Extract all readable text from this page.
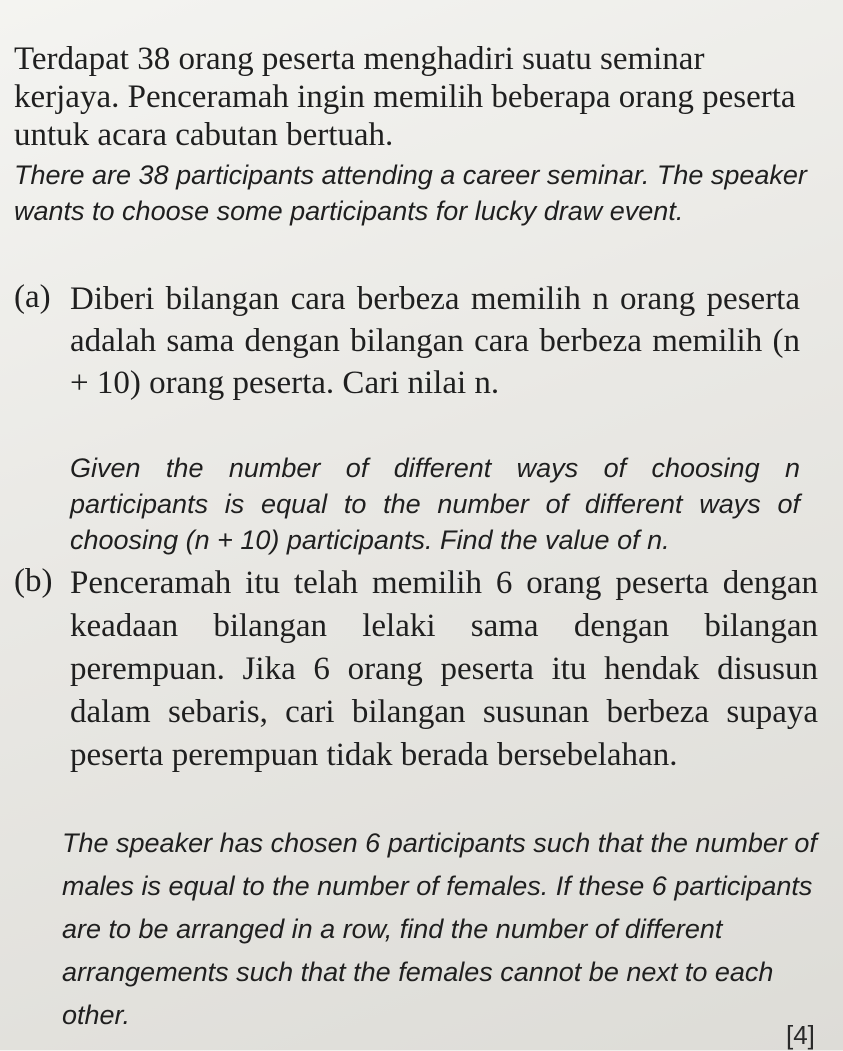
Terdapat 38 orang peserta menghadiri suatu seminar kerjaya. Penceramah ingin memilih beberapa orang peserta untuk acara cabutan bertuah.

There are 38 participants attending a career seminar. The speaker wants to choose some participants for lucky draw event.

(a) Diberi bilangan cara berbeza memilih n orang peserta adalah sama dengan bilangan cara berbeza memilih (n + 10) orang peserta. Cari nilai n.

Given the number of different ways of choosing n participants is equal to the number of different ways of choosing (n + 10) participants. Find the value of n.

(b) Penceramah itu telah memilih 6 orang peserta dengan keadaan bilangan lelaki sama dengan bilangan perempuan. Jika 6 orang peserta itu hendak disusun dalam sebaris, cari bilangan susunan berbeza supaya peserta perempuan tidak berada bersebelahan.

The speaker has chosen 6 participants such that the number of males is equal to the number of females. If these 6 participants are to be arranged in a row, find the number of different arrangements such that the females cannot be next to each other.

[4]
